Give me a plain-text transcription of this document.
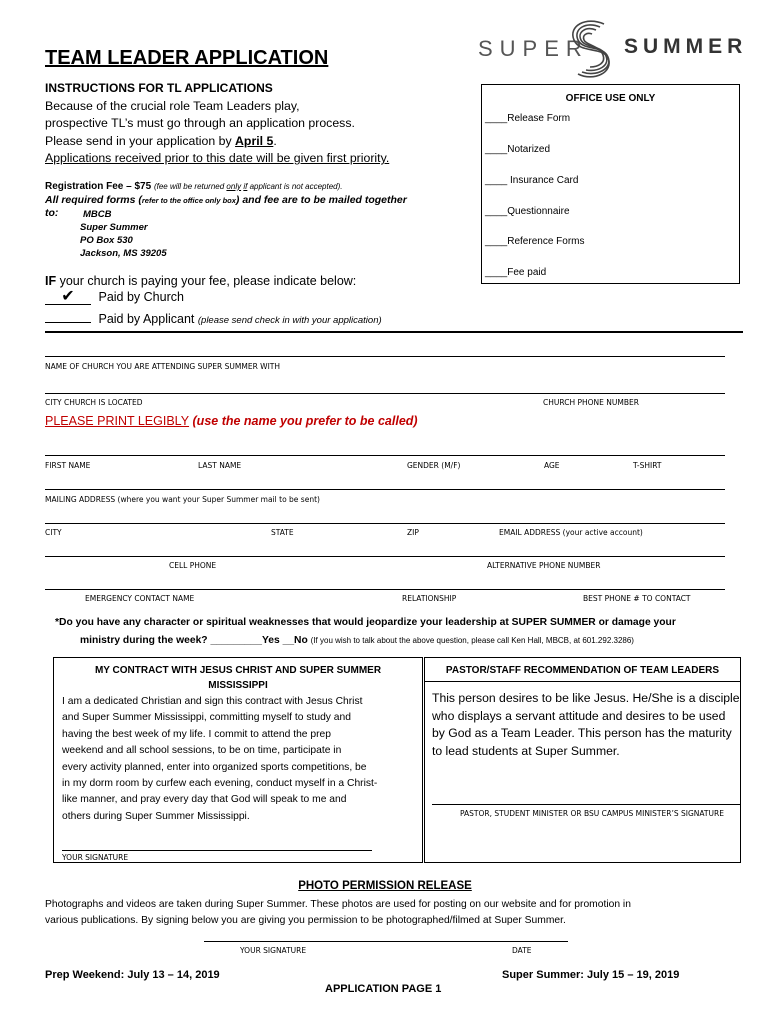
TEAM LEADER APPLICATION	SUPER SUMMER
INSTRUCTIONS FOR TL APPLICATIONS
Because of the crucial role Team Leaders play,
prospective TL’s must go through an application process.
Please send in your application by April 5.
Applications received prior to this date will be given first priority.
Registration Fee – $75 (fee will be returned only if applicant is not accepted).
All required forms (refer to the office only box) and fee are to be mailed together
to:	MBCB
Super Summer
PO Box 530
Jackson, MS 39205
OFFICE USE ONLY
____Release Form
____Notarized
____ Insurance Card
____Questionnaire
____Reference Forms
____Fee paid
IF your church is paying your fee, please indicate below:
✔ Paid by Church
Paid by Applicant (please send check in with your application)
NAME OF CHURCH YOU ARE ATTENDING SUPER SUMMER WITH
CITY CHURCH IS LOCATED	CHURCH PHONE NUMBER
PLEASE PRINT LEGIBLY (use the name you prefer to be called)
FIRST NAME	LAST NAME	GENDER (M/F)	AGE	T-SHIRT
MAILING ADDRESS (where you want your Super Summer mail to be sent)
CITY	STATE	ZIP	EMAIL ADDRESS (your active account)
CELL PHONE	ALTERNATIVE PHONE NUMBER
EMERGENCY CONTACT NAME	RELATIONSHIP	BEST PHONE # TO CONTACT
*Do you have any character or spiritual weaknesses that would jeopardize your leadership at SUPER SUMMER or damage your
ministry during the week? _________Yes __No (If you wish to talk about the above question, please call Ken Hall, MBCB, at 601.292.3286)
MY CONTRACT WITH JESUS CHRIST AND SUPER SUMMER
MISSISSIPPI
I am a dedicated Christian and sign this contract with Jesus Christ
and Super Summer Mississippi, committing myself to study and
having the best week of my life. I commit to attend the prep
weekend and all school sessions, to be on time, participate in
every activity planned, enter into organized sports competitions, be
in my dorm room by curfew each evening, conduct myself in a Christ-
like manner, and pray every day that God will speak to me and
others during Super Summer Mississippi.
YOUR SIGNATURE
PASTOR/STAFF RECOMMENDATION OF TEAM LEADERS
This person desires to be like Jesus. He/She is a disciple
who displays a servant attitude and desires to be used
by God as a Team Leader. This person has the maturity
to lead students at Super Summer.
PASTOR, STUDENT MINISTER OR BSU CAMPUS MINISTER’S SIGNATURE
PHOTO PERMISSION RELEASE
Photographs and videos are taken during Super Summer. These photos are used for posting on our website and for promotion in
various publications. By signing below you are giving you permission to be photographed/filmed at Super Summer.
YOUR SIGNATURE	DATE
Prep Weekend: July 13 – 14, 2019	Super Summer: July 15 – 19, 2019
APPLICATION PAGE 1
